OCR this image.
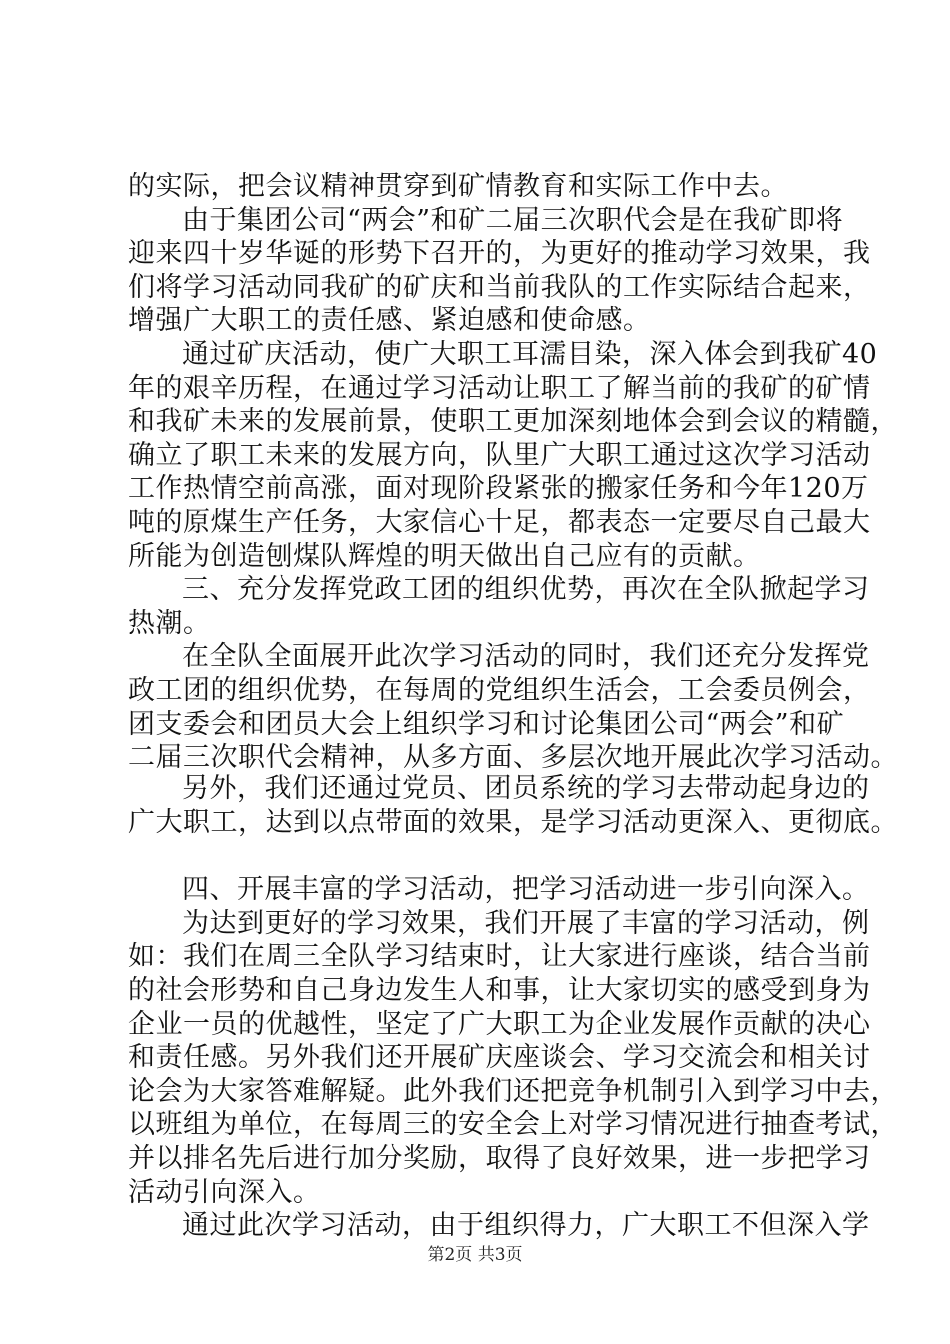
的实际，把会议精神贯穿到矿情教育和实际工作中去。
由于集团公司“两会”和矿二届三次职代会是在我矿即将
迎来四十岁华诞的形势下召开的，为更好的推动学习效果，我
们将学习活动同我矿的矿庆和当前我队的工作实际结合起来，
增强广大职工的责任感、紧迫感和使命感。
通过矿庆活动，使广大职工耳濡目染，深入体会到我矿40
年的艰辛历程，在通过学习活动让职工了解当前的我矿的矿情
和我矿未来的发展前景，使职工更加深刻地体会到会议的精髓，
确立了职工未来的发展方向，队里广大职工通过这次学习活动
工作热情空前高涨，面对现阶段紧张的搬家任务和今年120万
吨的原煤生产任务，大家信心十足，都表态一定要尽自己最大
所能为创造刨煤队辉煌的明天做出自己应有的贡献。
三、充分发挥党政工团的组织优势，再次在全队掀起学习
热潮。
在全队全面展开此次学习活动的同时，我们还充分发挥党
政工团的组织优势，在每周的党组织生活会，工会委员例会，
团支委会和团员大会上组织学习和讨论集团公司“两会”和矿
二届三次职代会精神，从多方面、多层次地开展此次学习活动。
另外，我们还通过党员、团员系统的学习去带动起身边的
广大职工，达到以点带面的效果，是学习活动更深入、更彻底。
四、开展丰富的学习活动，把学习活动进一步引向深入。
为达到更好的学习效果，我们开展了丰富的学习活动，例
如：我们在周三全队学习结束时，让大家进行座谈，结合当前
的社会形势和自己身边发生人和事，让大家切实的感受到身为
企业一员的优越性，坚定了广大职工为企业发展作贡献的决心
和责任感。另外我们还开展矿庆座谈会、学习交流会和相关讨
论会为大家答难解疑。此外我们还把竞争机制引入到学习中去，
以班组为单位，在每周三的安全会上对学习情况进行抽查考试，
并以排名先后进行加分奖励，取得了良好效果，进一步把学习
活动引向深入。
通过此次学习活动，由于组织得力，广大职工不但深入学
第2页 共3页
